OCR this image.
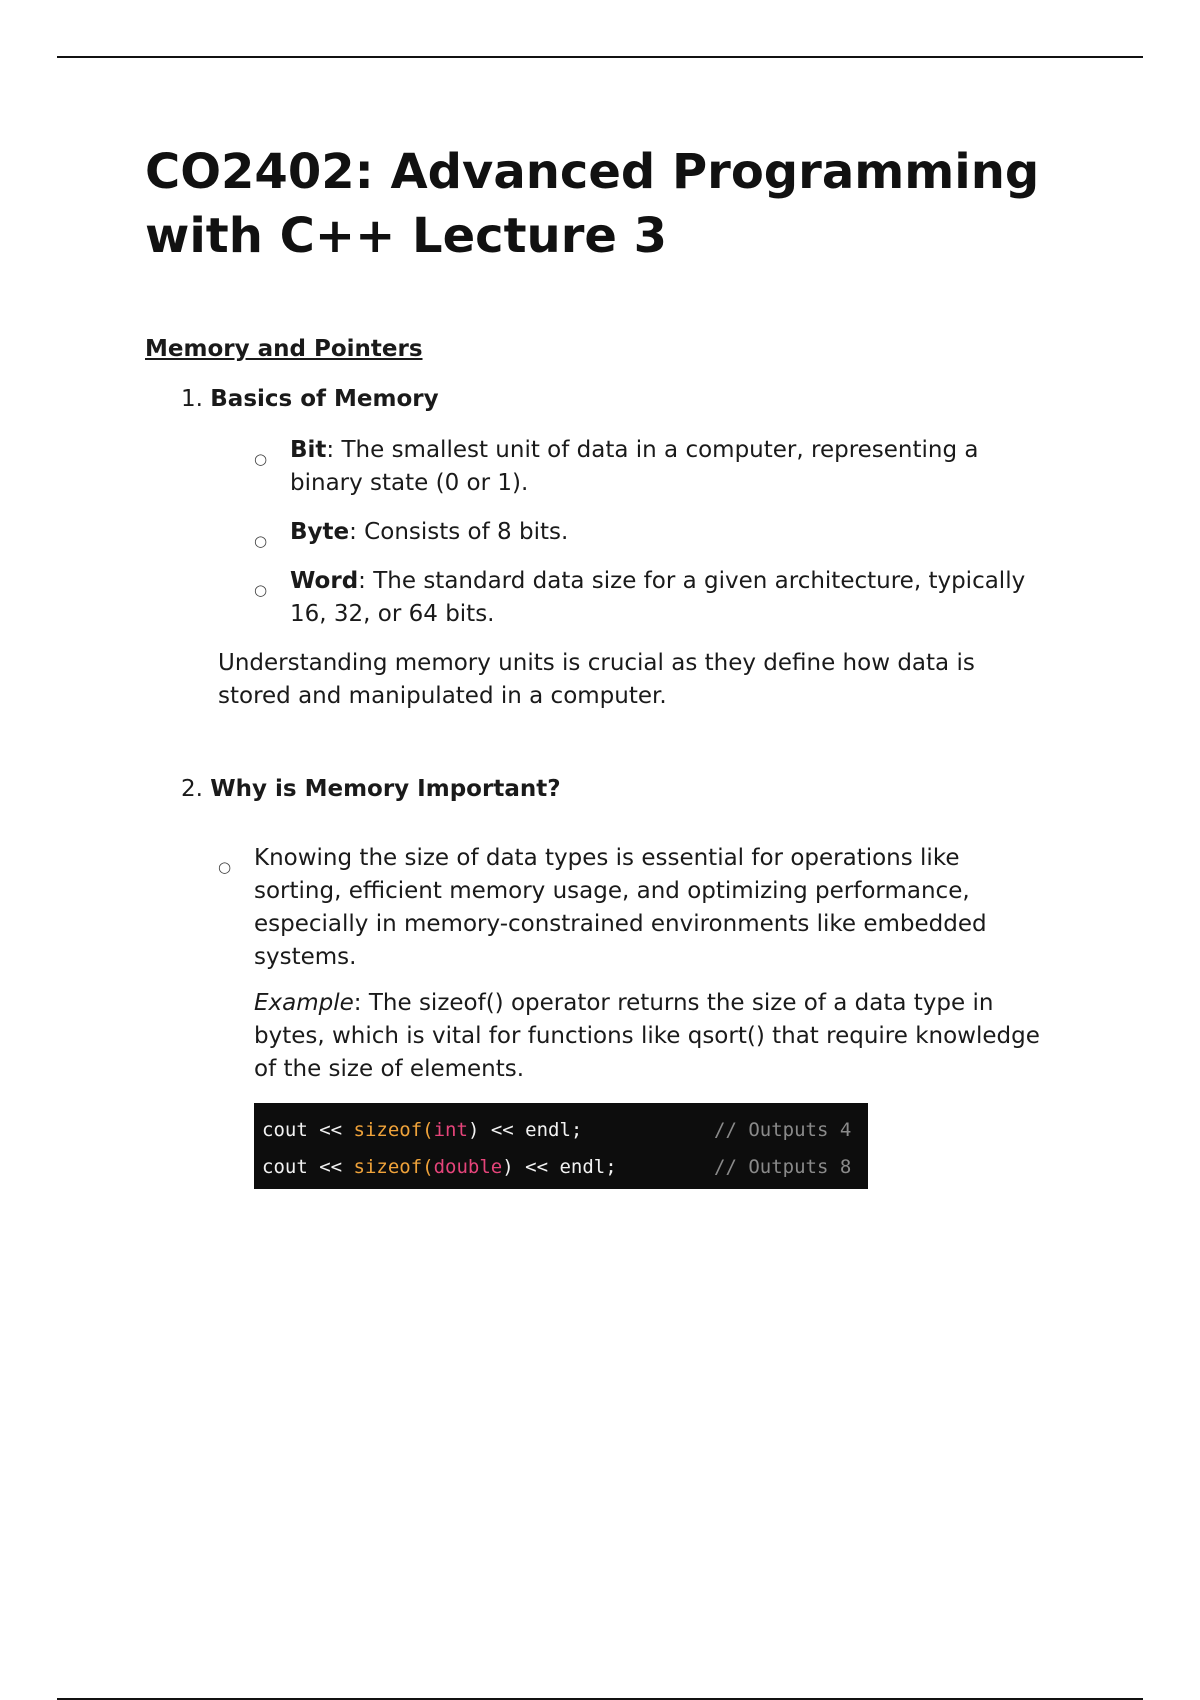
CO2402: Advanced Programming with C++ Lecture 3
Memory and Pointers
1. Basics of Memory
○ Bit: The smallest unit of data in a computer, representing a binary state (0 or 1).
○ Byte: Consists of 8 bits.
○ Word: The standard data size for a given architecture, typically 16, 32, or 64 bits.
Understanding memory units is crucial as they define how data is stored and manipulated in a computer.
2. Why is Memory Important?
○ Knowing the size of data types is essential for operations like sorting, efficient memory usage, and optimizing performance, especially in memory-constrained environments like embedded systems.
Example: The sizeof() operator returns the size of a data type in bytes, which is vital for functions like qsort() that require knowledge of the size of elements.
cout << sizeof(int) << endl;	// Outputs 4
cout << sizeof(double) << endl;	// Outputs 8
